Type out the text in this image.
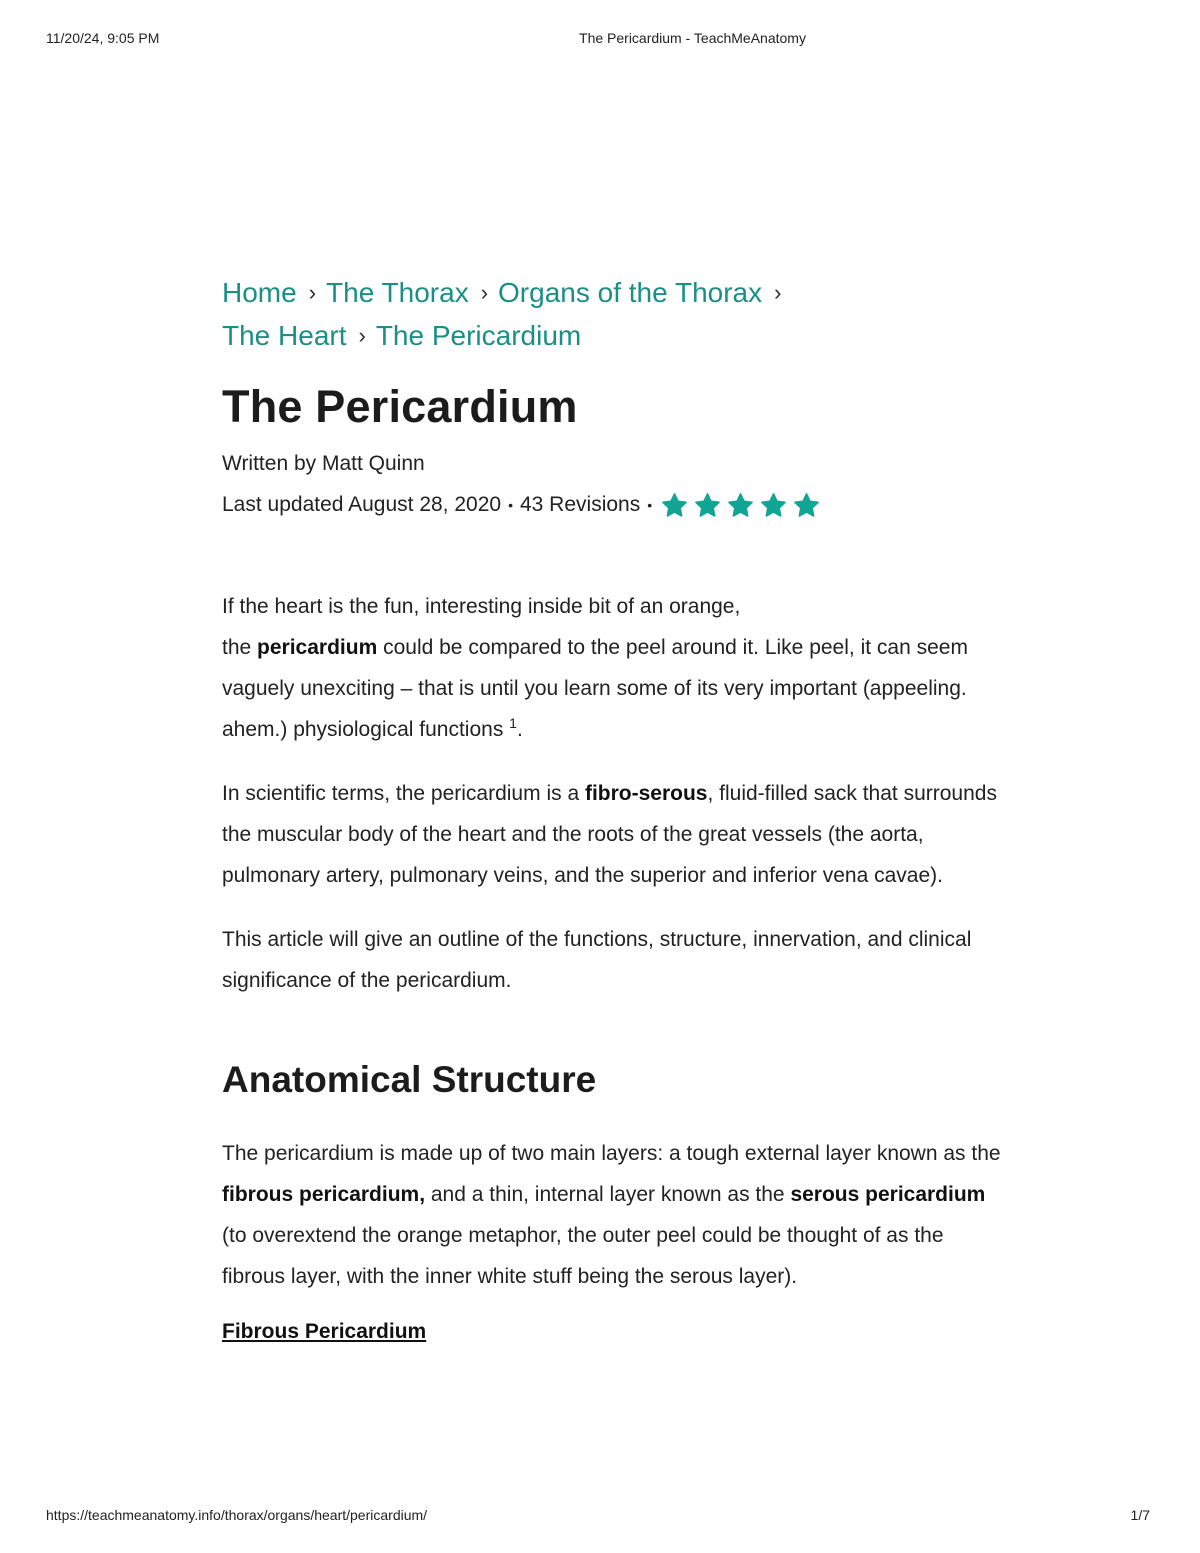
11/20/24, 9:05 PM	The Pericardium - TeachMeAnatomy
Home › The Thorax › Organs of the Thorax ›
The Heart › The Pericardium
The Pericardium
Written by Matt Quinn
Last updated August 28, 2020 • 43 Revisions •

If the heart is the fun, interesting inside bit of an orange,
the pericardium could be compared to the peel around it. Like peel, it can seem vaguely unexciting – that is until you learn some of its very important (appeeling. ahem.) physiological functions $^1$.

In scientific terms, the pericardium is a fibro-serous, fluid-filled sack that surrounds the muscular body of the heart and the roots of the great vessels (the aorta, pulmonary artery, pulmonary veins, and the superior and inferior vena cavae).

This article will give an outline of the functions, structure, innervation, and clinical significance of the pericardium.

Anatomical Structure

The pericardium is made up of two main layers: a tough external layer known as the fibrous pericardium, and a thin, internal layer known as the serous pericardium (to overextend the orange metaphor, the outer peel could be thought of as the fibrous layer, with the inner white stuff being the serous layer).

Fibrous Pericardium
https://teachmeanatomy.info/thorax/organs/heart/pericardium/	1/7
